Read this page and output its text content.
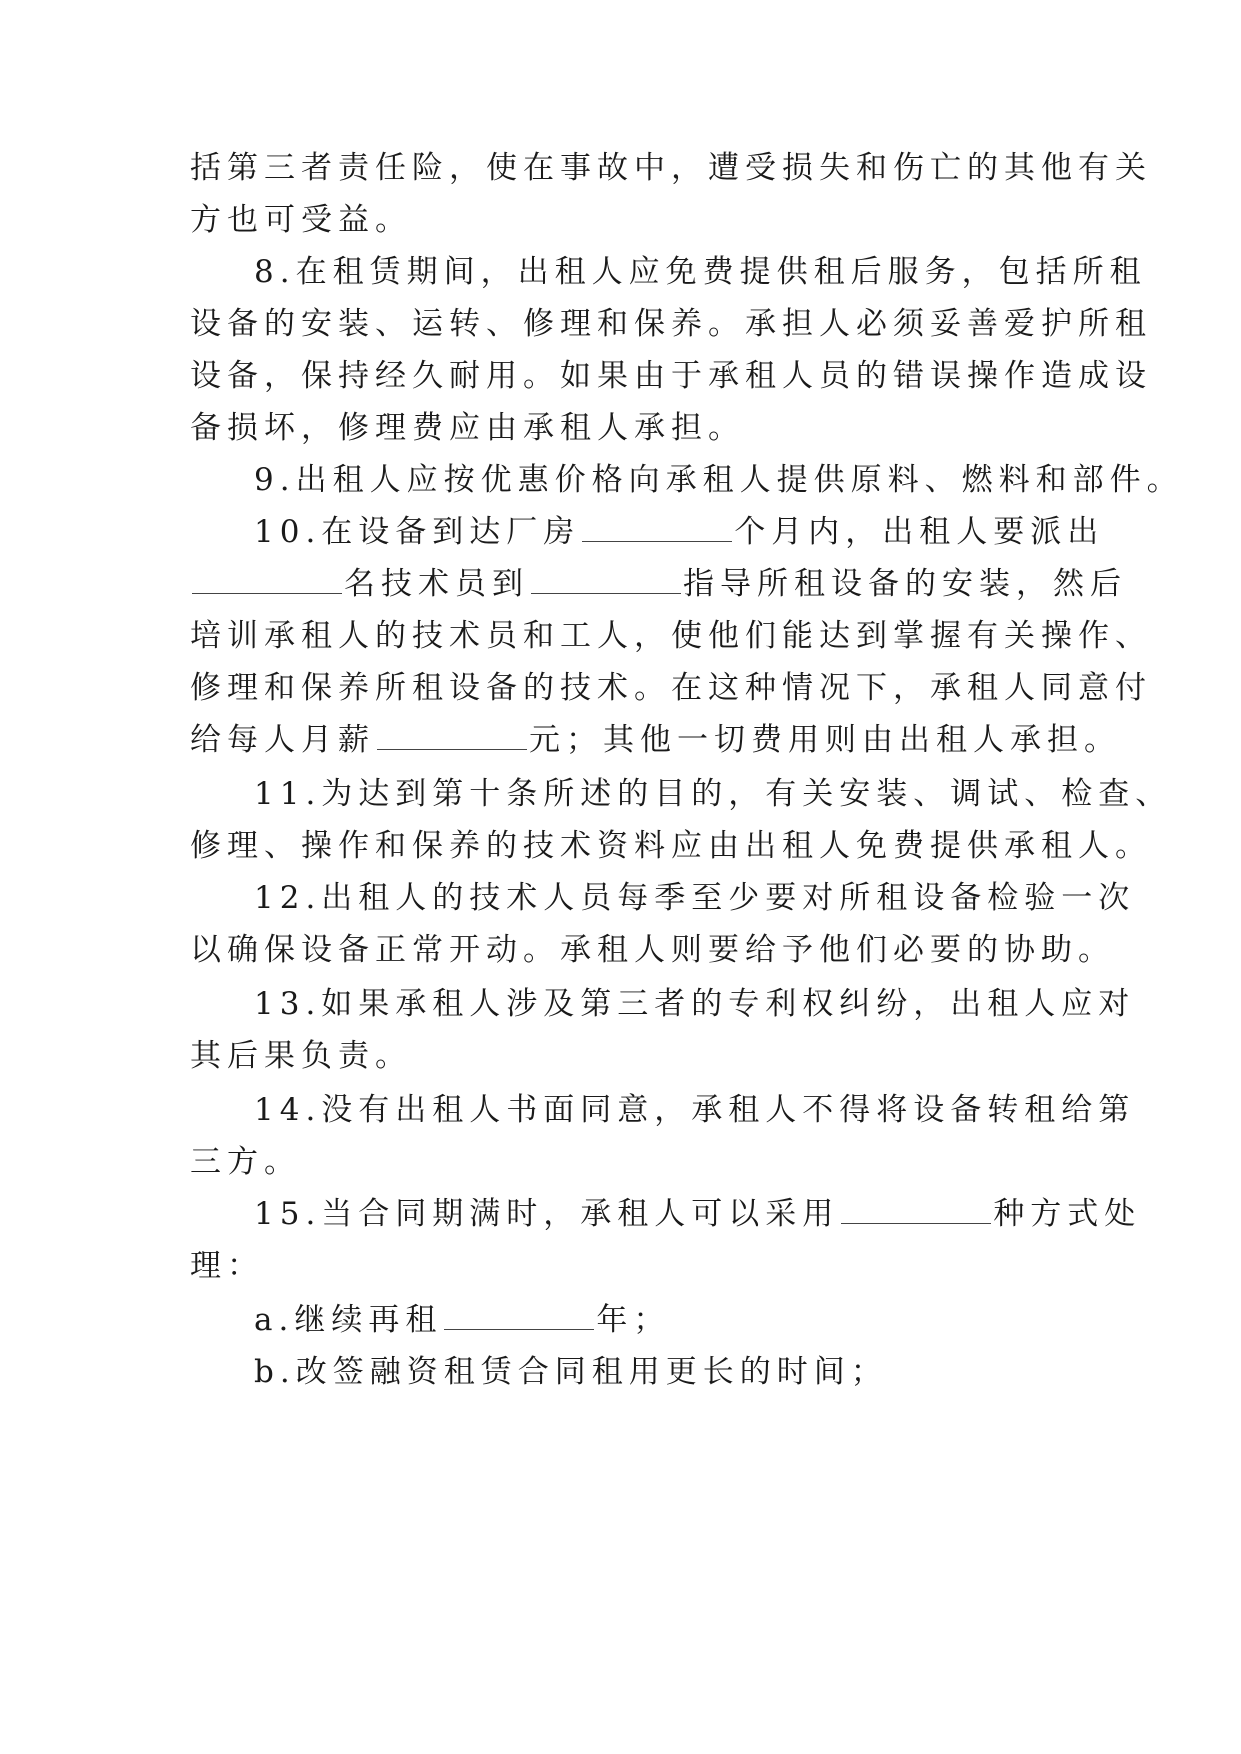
括第三者责任险，使在事故中，遭受损失和伤亡的其他有关
方也可受益。
8.在租赁期间，出租人应免费提供租后服务，包括所租
设备的安装、运转、修理和保养。承担人必须妥善爱护所租
设备，保持经久耐用。如果由于承租人员的错误操作造成设
备损坏，修理费应由承租人承担。
9.出租人应按优惠价格向承租人提供原料、燃料和部件。
10.在设备到达厂房	个月内，出租人要派出
名技术员到	指导所租设备的安装，然后
培训承租人的技术员和工人，使他们能达到掌握有关操作、
修理和保养所租设备的技术。在这种情况下，承租人同意付
给每人月薪	元；其他一切费用则由出租人承担。
11.为达到第十条所述的目的，有关安装、调试、检查、
修理、操作和保养的技术资料应由出租人免费提供承租人。
12.出租人的技术人员每季至少要对所租设备检验一次
以确保设备正常开动。承租人则要给予他们必要的协助。
13.如果承租人涉及第三者的专利权纠纷，出租人应对
其后果负责。
14.没有出租人书面同意，承租人不得将设备转租给第
三方。
15.当合同期满时，承租人可以采用	种方式处
理：
a.继续再租	年；
b.改签融资租赁合同租用更长的时间；
